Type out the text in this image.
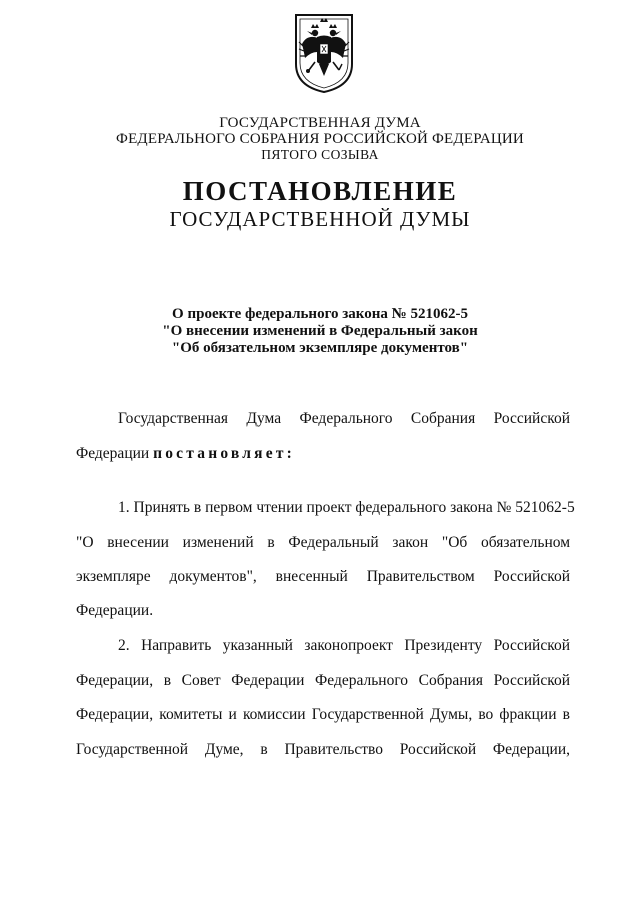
ГОСУДАРСТВЕННАЯ ДУМА
ФЕДЕРАЛЬНОГО СОБРАНИЯ РОССИЙСКОЙ ФЕДЕРАЦИИ
ПЯТОГО СОЗЫВА
ПОСТАНОВЛЕНИЕ
ГОСУДАРСТВЕННОЙ ДУМЫ
О проекте федерального закона № 521062-5
"О внесении изменений в Федеральный закон
"Об обязательном экземпляре документов"
Государственная Дума Федерального Собрания Российской
Федерации постановляет:
1. Принять в первом чтении проект федерального закона № 521062-5
"О внесении изменений в Федеральный закон "Об обязательном
экземпляре документов", внесенный Правительством Российской
Федерации.
2. Направить указанный законопроект Президенту Российской
Федерации, в Совет Федерации Федерального Собрания Российской
Федерации, комитеты и комиссии Государственной Думы, во фракции в
Государственной Думе, в Правительство Российской Федерации,
